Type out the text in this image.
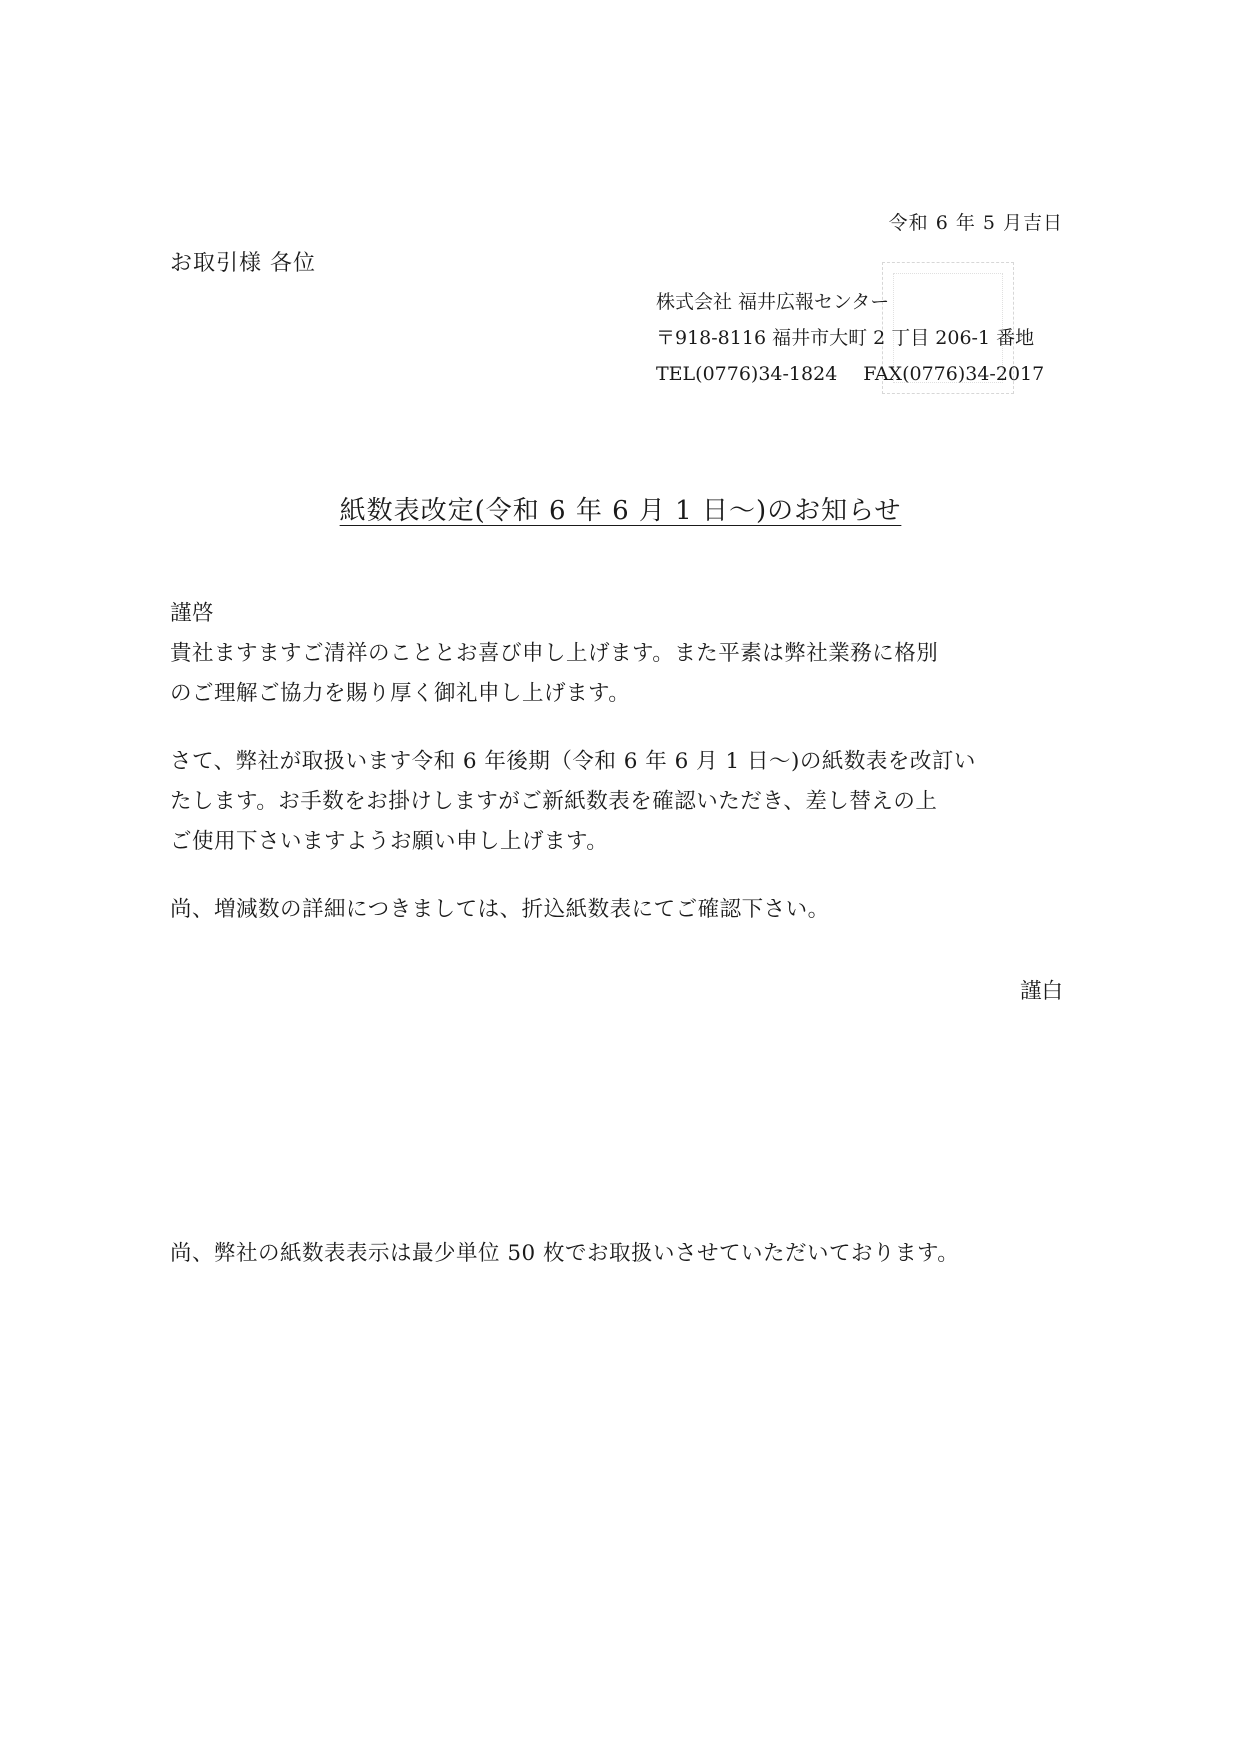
令和 6 年 5 月吉日
お取引様 各位
株式会社 福井広報センター
〒918-8116 福井市大町 2 丁目 206-1 番地
TEL(0776)34-1824 FAX(0776)34-2017
紙数表改定(令和 6 年 6 月 1 日～)のお知らせ
謹啓
貴社ますますご清祥のこととお喜び申し上げます。また平素は弊社業務に格別
のご理解ご協力を賜り厚く御礼申し上げます。
さて、弊社が取扱います令和 6 年後期（令和 6 年 6 月 1 日～)の紙数表を改訂い
たします。お手数をお掛けしますがご新紙数表を確認いただき、差し替えの上
ご使用下さいますようお願い申し上げます。
尚、増減数の詳細につきましては、折込紙数表にてご確認下さい。
謹白
尚、弊社の紙数表表示は最少単位 50 枚でお取扱いさせていただいております。
